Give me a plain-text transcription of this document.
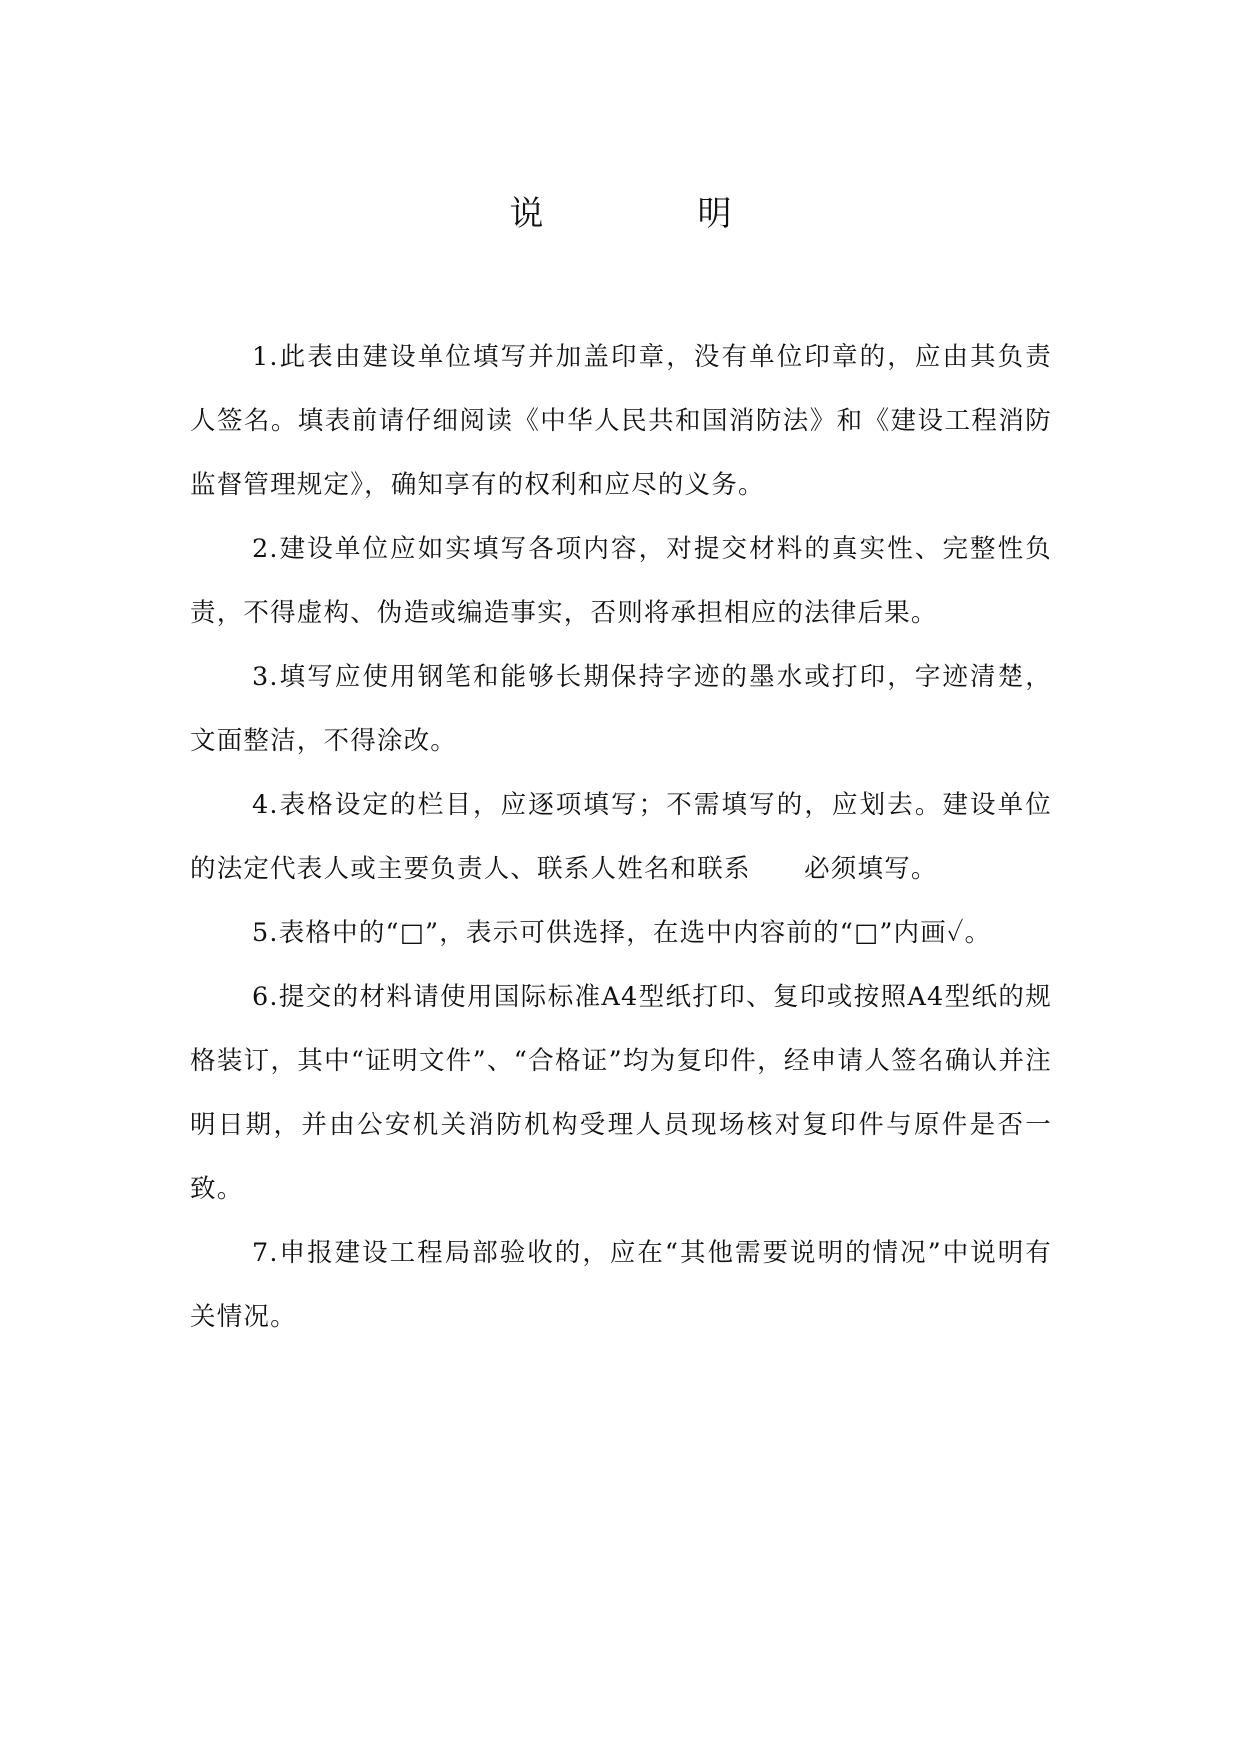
说　明

1.此表由建设单位填写并加盖印章，没有单位印章的，应由其负责人签名。填表前请仔细阅读《中华人民共和国消防法》和《建设工程消防监督管理规定》，确知享有的权利和应尽的义务。

2.建设单位应如实填写各项内容，对提交材料的真实性、完整性负责，不得虚构、伪造或编造事实，否则将承担相应的法律后果。

3.填写应使用钢笔和能够长期保持字迹的墨水或打印，字迹清楚，文面整洁，不得涂改。

4.表格设定的栏目，应逐项填写；不需填写的，应划去。建设单位的法定代表人或主要负责人、联系人姓名和联系　　必须填写。

5.表格中的“□”，表示可供选择，在选中内容前的“□”内画✓。

6.提交的材料请使用国际标准A4型纸打印、复印或按照A4型纸的规格装订，其中“证明文件”、“合格证”均为复印件，经申请人签名确认并注明日期，并由公安机关消防机构受理人员现场核对复印件与原件是否一致。

7.申报建设工程局部验收的，应在“其他需要说明的情况”中说明有关情况。
